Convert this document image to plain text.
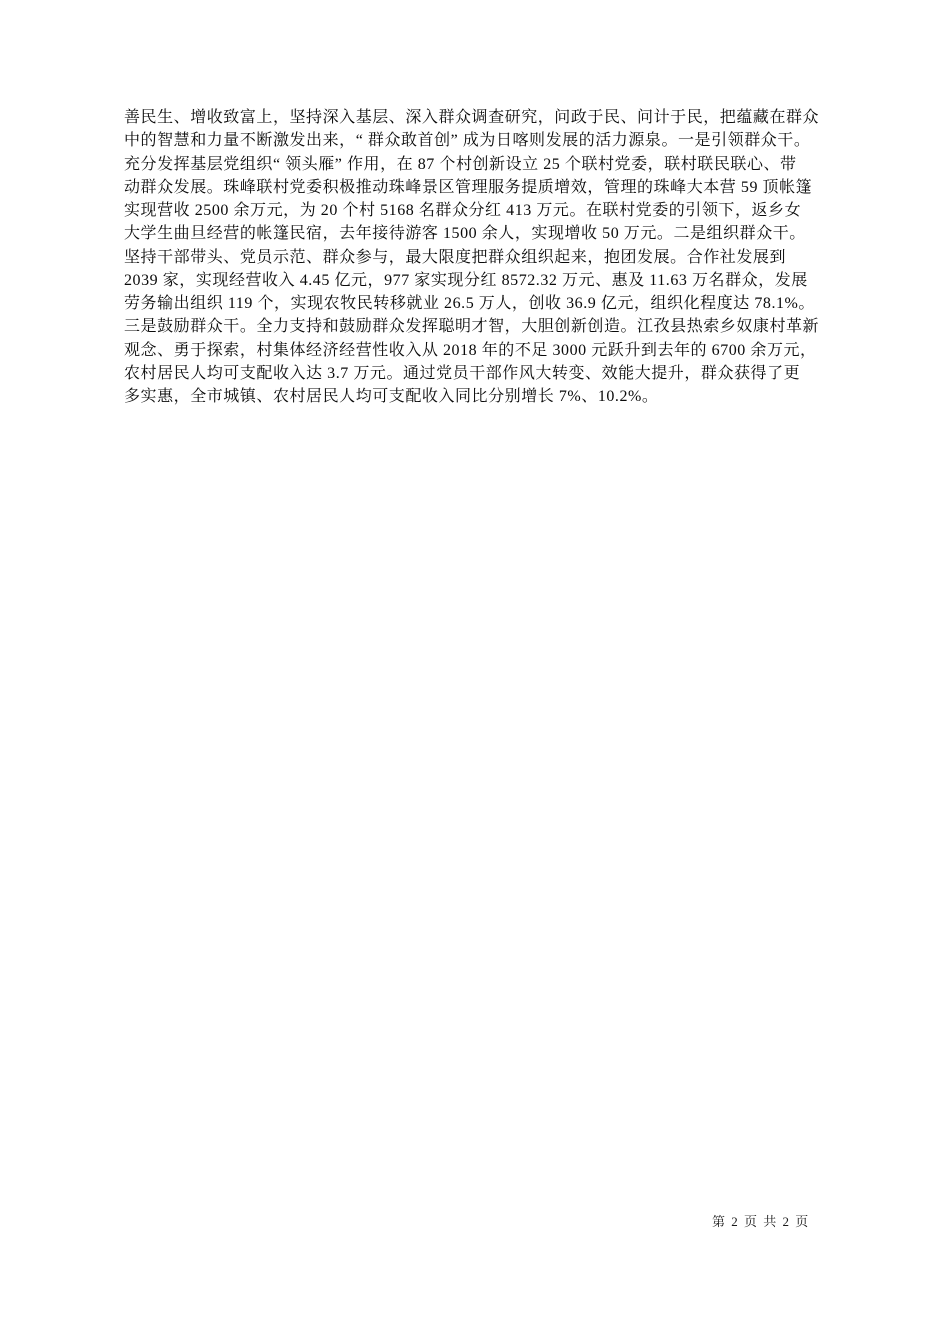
善民生、增收致富上，坚持深入基层、深入群众调查研究，问政于民、问计于民，把蕴藏在群众
中的智慧和力量不断激发出来，“ 群众敢首创” 成为日喀则发展的活力源泉。一是引领群众干。
充分发挥基层党组织“ 领头雁” 作用，在 87 个村创新设立 25 个联村党委，联村联民联心、带
动群众发展。珠峰联村党委积极推动珠峰景区管理服务提质增效，管理的珠峰大本营 59 顶帐篷
实现营收 2500 余万元，为 20 个村 5168 名群众分红 413 万元。在联村党委的引领下，返乡女
大学生曲旦经营的帐篷民宿，去年接待游客 1500 余人，实现增收 50 万元。二是组织群众干。
坚持干部带头、党员示范、群众参与，最大限度把群众组织起来，抱团发展。合作社发展到
2039 家，实现经营收入 4.45 亿元，977 家实现分红 8572.32 万元、惠及 11.63 万名群众，发展
劳务输出组织 119 个，实现农牧民转移就业 26.5 万人，创收 36.9 亿元，组织化程度达 78.1%。
三是鼓励群众干。全力支持和鼓励群众发挥聪明才智，大胆创新创造。江孜县热索乡奴康村革新
观念、勇于探索，村集体经济经营性收入从 2018 年的不足 3000 元跃升到去年的 6700 余万元，
农村居民人均可支配收入达 3.7 万元。通过党员干部作风大转变、效能大提升，群众获得了更
多实惠，全市城镇、农村居民人均可支配收入同比分别增长 7%、10.2%。
第 2 页 共 2 页
